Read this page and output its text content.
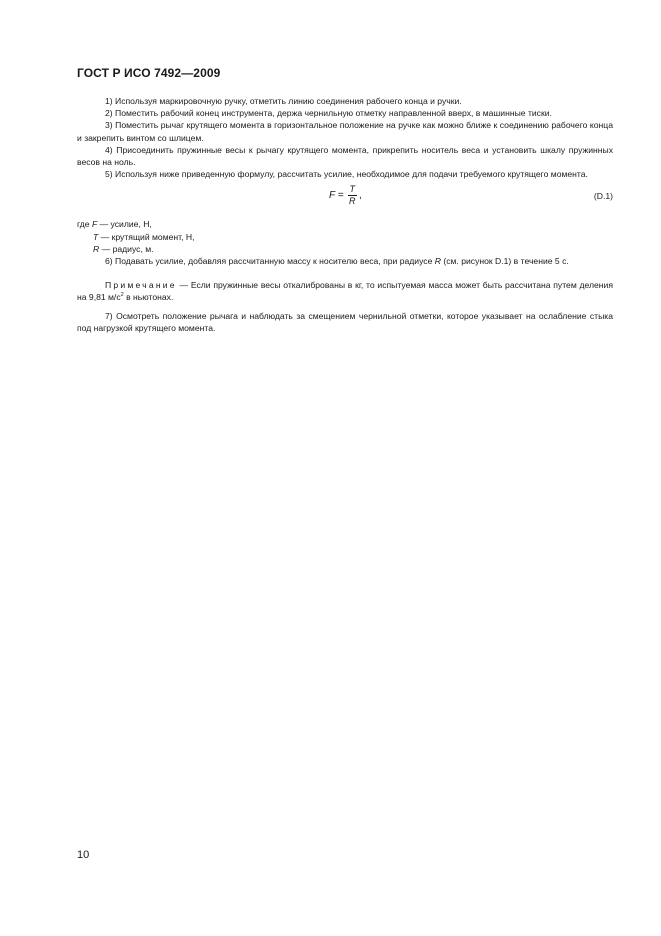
ГОСТ Р ИСО 7492—2009

1) Используя маркировочную ручку, отметить линию соединения рабочего конца и ручки.

2) Поместить рабочий конец инструмента, держа чернильную отметку направленной вверх, в машинные тиски.

3) Поместить рычаг крутящего момента в горизонтальное положение на ручке как можно ближе к соединению рабочего конца и закрепить винтом со шлицем.

4) Присоединить пружинные весы к рычагу крутящего момента, прикрепить носитель веса и установить шкалу пружинных весов на ноль.

5) Используя ниже приведенную формулу, рассчитать усилие, необходимое для подачи требуемого крутящего момента.

$F = \frac{T}{R}$ ,	(D.1)

где F — усилие, Н,

T — крутящий момент, Н,

R — радиус, м.

6) Подавать усилие, добавляя рассчитанную массу к носителю веса, при радиусе R (см. рисунок D.1) в течение 5 с.

Примечание — Если пружинные весы откалиброваны в кг, то испытуемая масса может быть рассчитана путем деления на 9,81 $м/с^2$ в ньютонах.

7) Осмотреть положение рычага и наблюдать за смещением чернильной отметки, которое указывает на ослабление стыка под нагрузкой крутящего момента.

10
